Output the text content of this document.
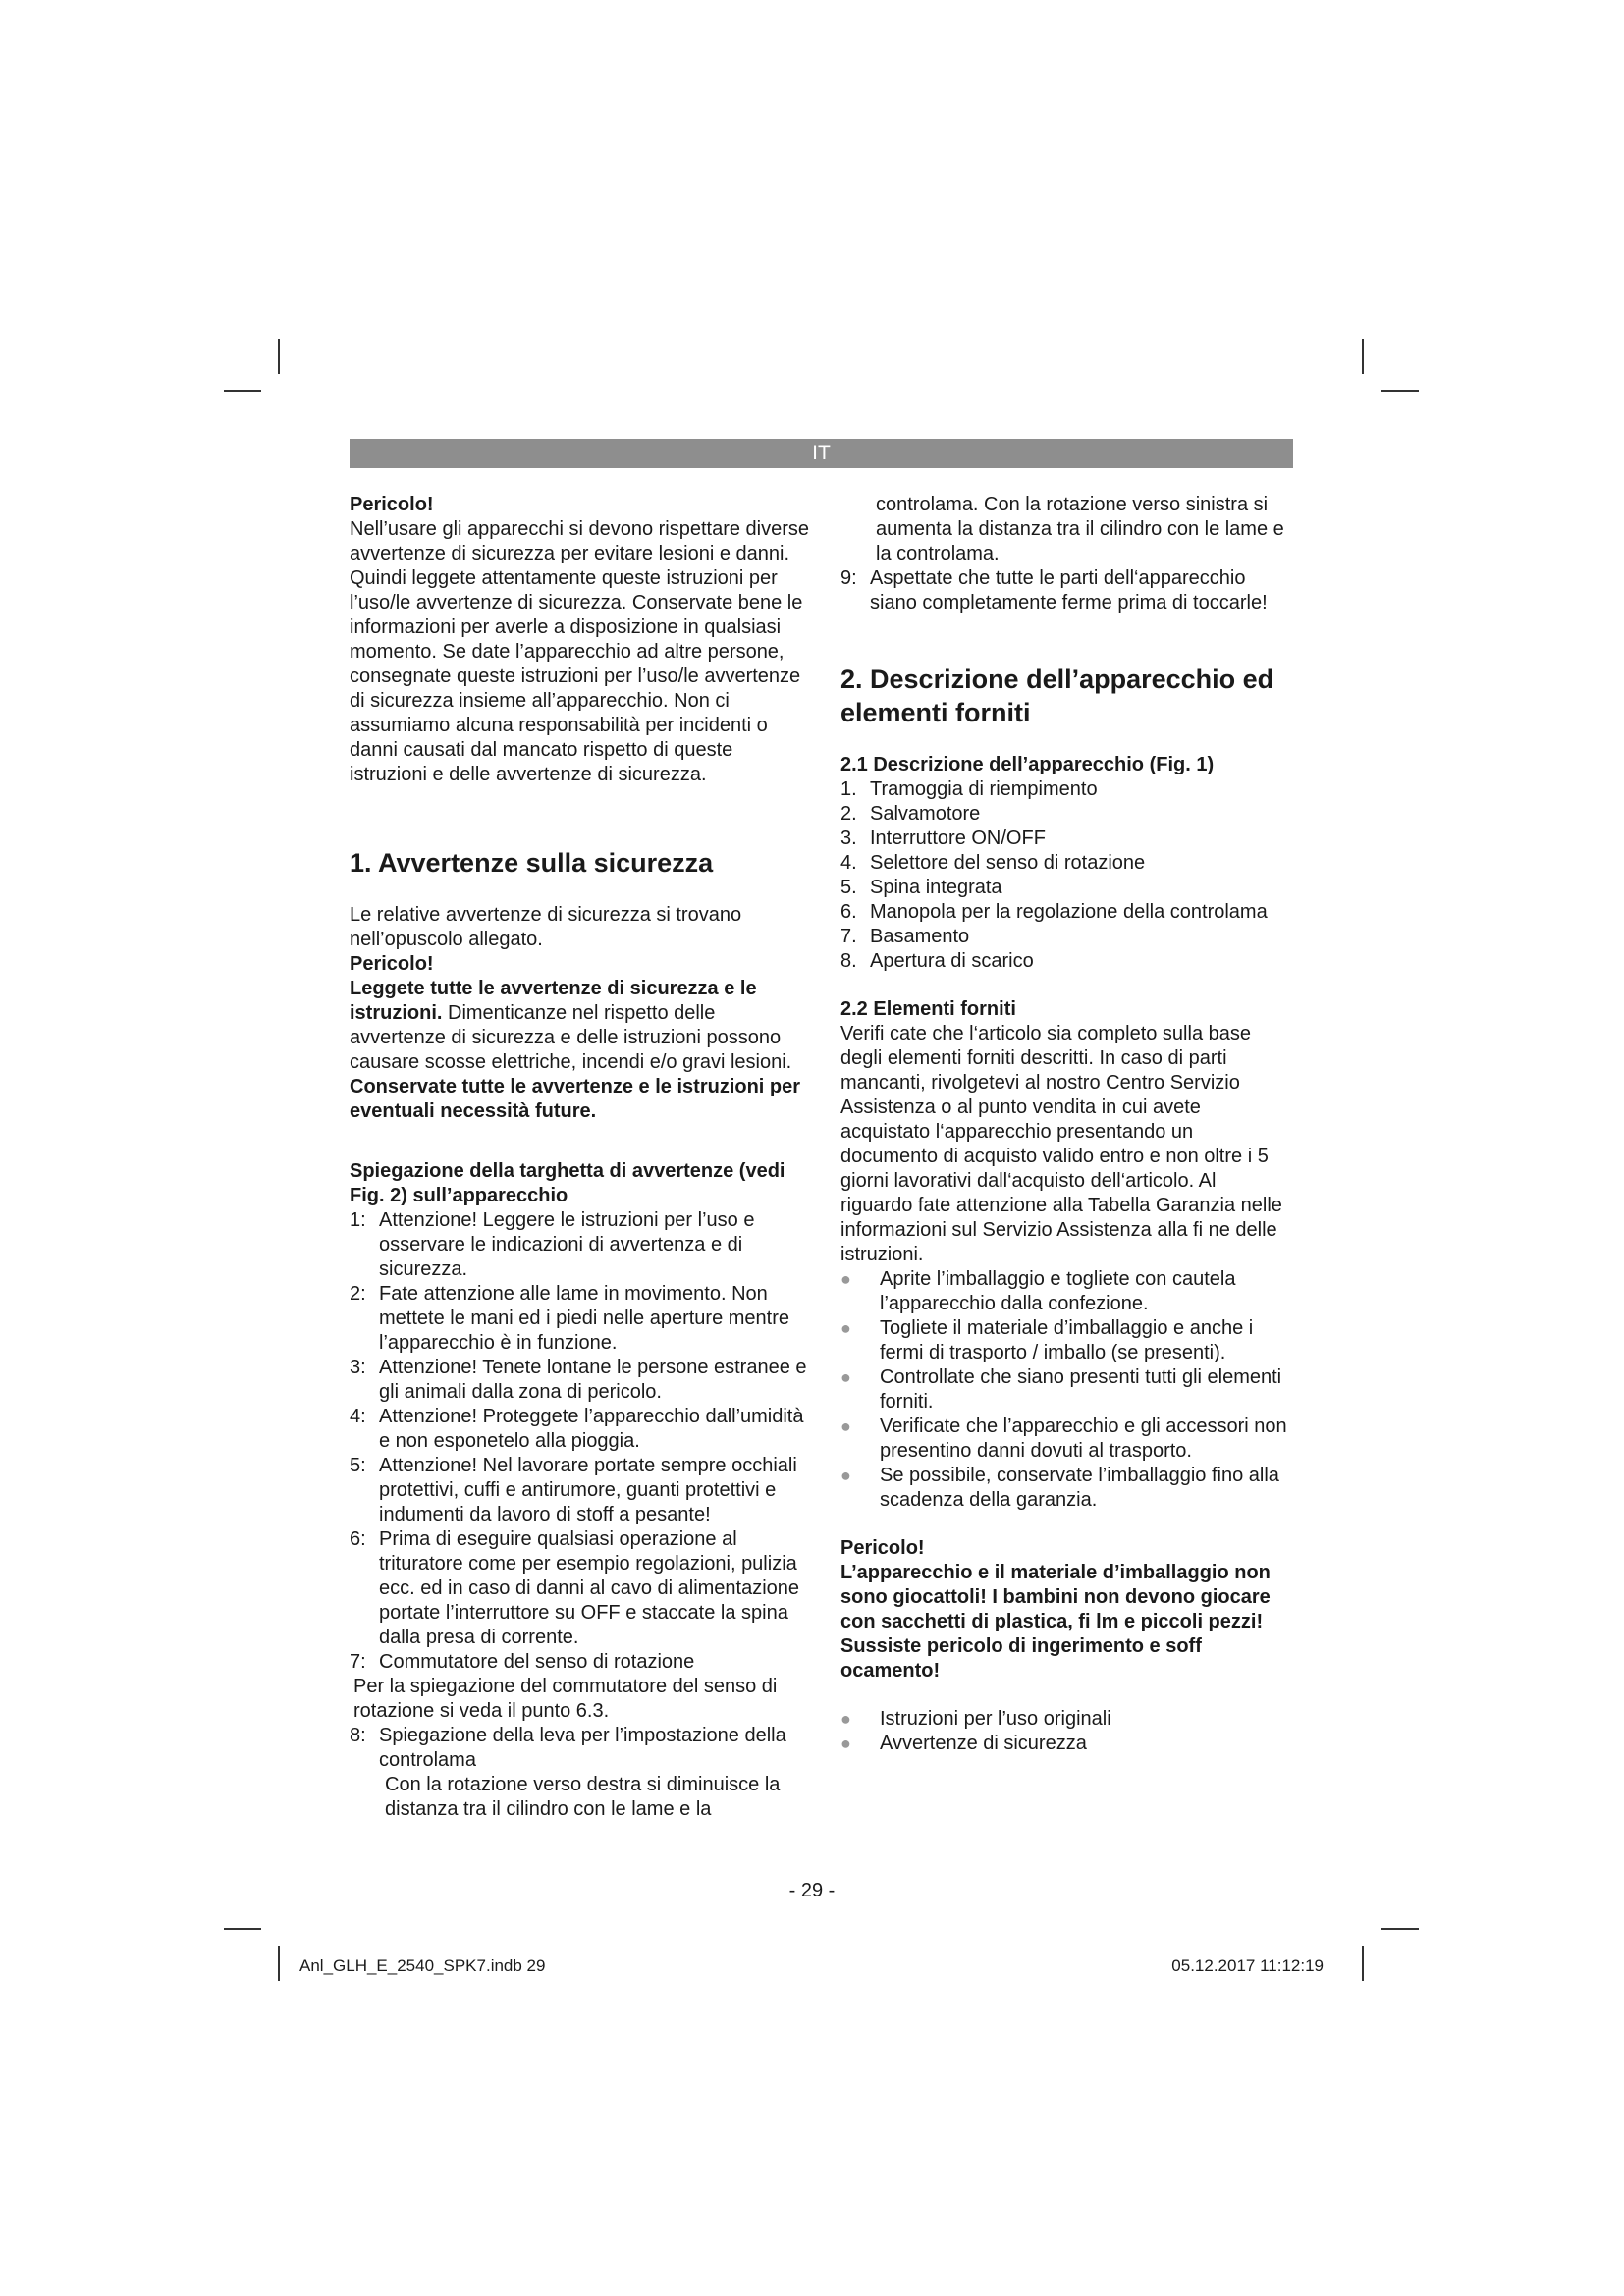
IT

Pericolo!

Nell’usare gli apparecchi si devono rispettare diverse avvertenze di sicurezza per evitare lesioni e danni. Quindi leggete attentamente queste istruzioni per l’uso/le avvertenze di sicurezza. Conservate bene le informazioni per averle a disposizione in qualsiasi momento. Se date l’apparecchio ad altre persone, consegnate queste istruzioni per l’uso/le avvertenze di sicurezza insieme all’apparecchio. Non ci assumiamo alcuna responsabilità per incidenti o danni causati dal mancato rispetto di queste istruzioni e delle avvertenze di sicurezza.

1. Avvertenze sulla sicurezza

Le relative avvertenze di sicurezza si trovano nell’opuscolo allegato.

Pericolo!

Leggete tutte le avvertenze di sicurezza e le istruzioni. Dimenticanze nel rispetto delle avvertenze di sicurezza e delle istruzioni possono causare scosse elettriche, incendi e/o gravi lesioni.

Conservate tutte le avvertenze e le istruzioni per eventuali necessità future.

Spiegazione della targhetta di avvertenze (vedi Fig. 2) sull’apparecchio

1: Attenzione! Leggere le istruzioni per l’uso e osservare le indicazioni di avvertenza e di sicurezza.
2: Fate attenzione alle lame in movimento. Non mettete le mani ed i piedi nelle aperture mentre l’apparecchio è in funzione.
3: Attenzione! Tenete lontane le persone estranee e gli animali dalla zona di pericolo.
4: Attenzione! Proteggete l’apparecchio dall’umidità e non esponetelo alla pioggia.
5: Attenzione! Nel lavorare portate sempre occhiali protettivi, cuffi e antirumore, guanti protettivi e indumenti da lavoro di stoff a pesante!
6: Prima di eseguire qualsiasi operazione al trituratore come per esempio regolazioni, pulizia ecc. ed in caso di danni al cavo di alimentazione portate l’interruttore su OFF e staccate la spina dalla presa di corrente.
7: Commutatore del senso di rotazione

Per la spiegazione del commutatore del senso di rotazione si veda il punto 6.3.

8: Spiegazione della leva per l’impostazione della controlama

Con la rotazione verso destra si diminuisce la distanza tra il cilindro con le lame e la

controlama. Con la rotazione verso sinistra si aumenta la distanza tra il cilindro con le lame e la controlama.

9: Aspettate che tutte le parti dell‘apparecchio siano completamente ferme prima di toccarle!

2. Descrizione dell’apparecchio ed elementi forniti

2.1 Descrizione dell’apparecchio (Fig. 1)

1. Tramoggia di riempimento
2. Salvamotore
3. Interruttore ON/OFF
4. Selettore del senso di rotazione
5. Spina integrata
6. Manopola per la regolazione della controlama
7. Basamento
8. Apertura di scarico

2.2 Elementi forniti

Verifi cate che l‘articolo sia completo sulla base degli elementi forniti descritti. In caso di parti mancanti, rivolgetevi al nostro Centro Servizio Assistenza o al punto vendita in cui avete acquistato l‘apparecchio presentando un documento di acquisto valido entro e non oltre i 5 giorni lavorativi dall‘acquisto dell‘articolo. Al riguardo fate attenzione alla Tabella Garanzia nelle informazioni sul Servizio Assistenza alla fi ne delle istruzioni.

● Aprite l’imballaggio e togliete con cautela l’apparecchio dalla confezione.
● Togliete il materiale d’imballaggio e anche i fermi di trasporto / imballo (se presenti).
● Controllate che siano presenti tutti gli elementi forniti.
● Verificate che l’apparecchio e gli accessori non presentino danni dovuti al trasporto.
● Se possibile, conservate l’imballaggio fino alla scadenza della garanzia.

Pericolo!

L’apparecchio e il materiale d’imballaggio non sono giocattoli! I bambini non devono giocare con sacchetti di plastica, fi lm e piccoli pezzi! Sussiste pericolo di ingerimento e soff ocamento!

● Istruzioni per l’uso originali
● Avvertenze di sicurezza
- 29 -
Anl_GLH_E_2540_SPK7.indb 29	05.12.2017 11:12:19
